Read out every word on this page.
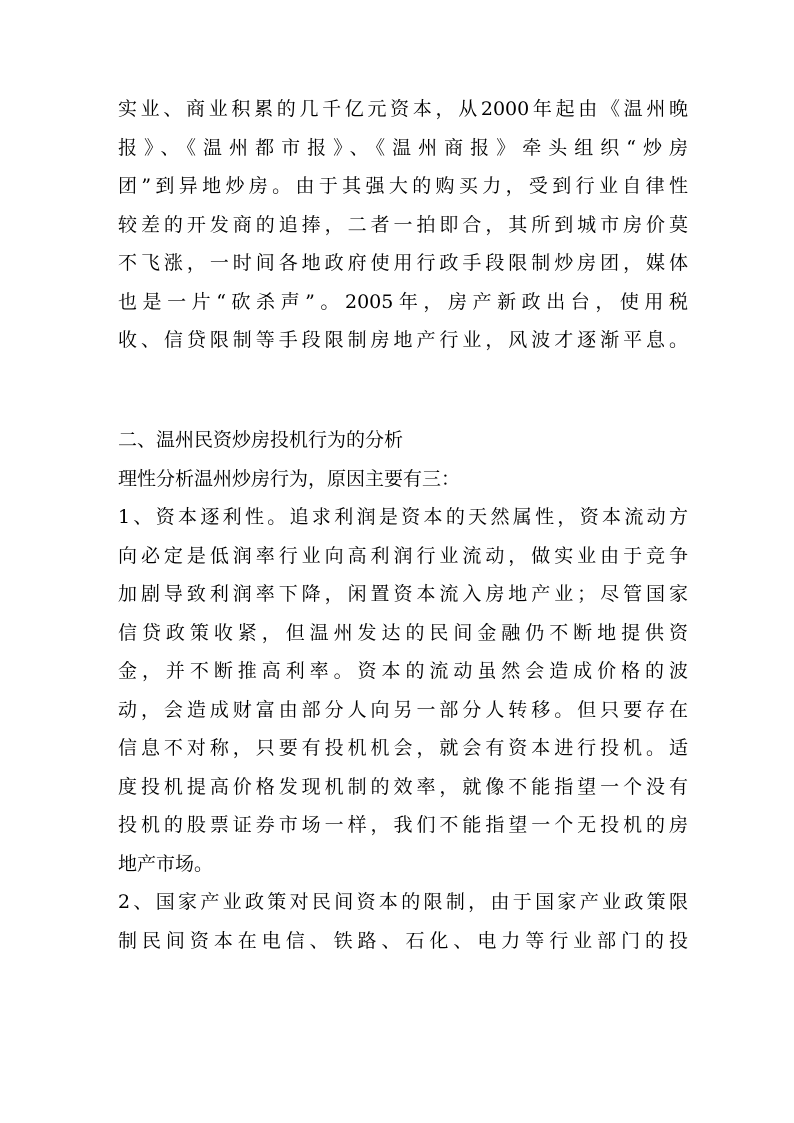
实业、商业积累的几千亿元资本，从2000年起由《温州晚
报》、《温州都市报》、《温州商报》牵头组织“炒房
团”到异地炒房。由于其强大的购买力，受到行业自律性
较差的开发商的追捧，二者一拍即合，其所到城市房价莫
不飞涨，一时间各地政府使用行政手段限制炒房团，媒体
也是一片“砍杀声”。2005年，房产新政出台，使用税
收、信贷限制等手段限制房地产行业，风波才逐渐平息。
二、温州民资炒房投机行为的分析
理性分析温州炒房行为，原因主要有三：
1、资本逐利性。追求利润是资本的天然属性，资本流动方
向必定是低润率行业向高利润行业流动，做实业由于竞争
加剧导致利润率下降，闲置资本流入房地产业；尽管国家
信贷政策收紧，但温州发达的民间金融仍不断地提供资
金，并不断推高利率。资本的流动虽然会造成价格的波
动，会造成财富由部分人向另一部分人转移。但只要存在
信息不对称，只要有投机机会，就会有资本进行投机。适
度投机提高价格发现机制的效率，就像不能指望一个没有
投机的股票证券市场一样，我们不能指望一个无投机的房
地产市场。
2、国家产业政策对民间资本的限制，由于国家产业政策限
制民间资本在电信、铁路、石化、电力等行业部门的投
